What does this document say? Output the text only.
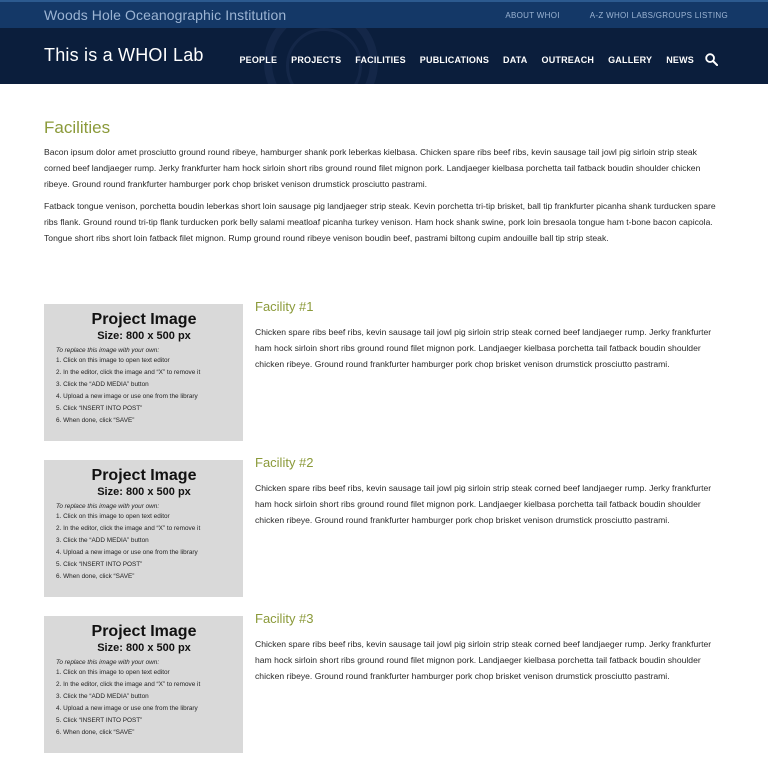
Woods Hole Oceanographic Institution	ABOUT WHOI	A-Z WHOI LABS/GROUPS LISTING
This is a WHOI Lab	PEOPLE PROJECTS FACILITIES PUBLICATIONS DATA OUTREACH GALLERY NEWS
Facilities

Bacon ipsum dolor amet prosciutto ground round ribeye, hamburger shank pork leberkas kielbasa. Chicken spare ribs beef ribs, kevin sausage tail jowl pig sirloin strip steak corned beef landjaeger rump. Jerky frankfurter ham hock sirloin short ribs ground round filet mignon pork. Landjaeger kielbasa porchetta tail fatback boudin shoulder chicken ribeye. Ground round frankfurter hamburger pork chop brisket venison drumstick prosciutto pastrami.

Fatback tongue venison, porchetta boudin leberkas short loin sausage pig landjaeger strip steak. Kevin porchetta tri-tip brisket, ball tip frankfurter picanha shank turducken spare ribs flank. Ground round tri-tip flank turducken pork belly salami meatloaf picanha turkey venison. Ham hock shank swine, pork loin bresaola tongue ham t-bone bacon capicola. Tongue short ribs short loin fatback filet mignon. Rump ground round ribeye venison boudin beef, pastrami biltong cupim andouille ball tip strip steak.

Project Image
Size: 800 x 500 px
To replace this image with your own:
1. Click on this image to open text editor
2. In the editor, click the image and “X” to remove it
3. Click the “ADD MEDIA” button
4. Upload a new image or use one from the library
5. Click “INSERT INTO POST”
6. When done, click “SAVE”
Facility #1
Chicken spare ribs beef ribs, kevin sausage tail jowl pig sirloin strip steak corned beef landjaeger rump. Jerky frankfurter ham hock sirloin short ribs ground round filet mignon pork. Landjaeger kielbasa porchetta tail fatback boudin shoulder chicken ribeye. Ground round frankfurter hamburger pork chop brisket venison drumstick prosciutto pastrami.
Project Image
Size: 800 x 500 px
To replace this image with your own:
1. Click on this image to open text editor
2. In the editor, click the image and “X” to remove it
3. Click the “ADD MEDIA” button
4. Upload a new image or use one from the library
5. Click “INSERT INTO POST”
6. When done, click “SAVE”
Facility #2
Chicken spare ribs beef ribs, kevin sausage tail jowl pig sirloin strip steak corned beef landjaeger rump. Jerky frankfurter ham hock sirloin short ribs ground round filet mignon pork. Landjaeger kielbasa porchetta tail fatback boudin shoulder chicken ribeye. Ground round frankfurter hamburger pork chop brisket venison drumstick prosciutto pastrami.
Project Image
Size: 800 x 500 px
To replace this image with your own:
1. Click on this image to open text editor
2. In the editor, click the image and “X” to remove it
3. Click the “ADD MEDIA” button
4. Upload a new image or use one from the library
5. Click “INSERT INTO POST”
6. When done, click “SAVE”
Facility #3
Chicken spare ribs beef ribs, kevin sausage tail jowl pig sirloin strip steak corned beef landjaeger rump. Jerky frankfurter ham hock sirloin short ribs ground round filet mignon pork. Landjaeger kielbasa porchetta tail fatback boudin shoulder chicken ribeye. Ground round frankfurter hamburger pork chop brisket venison drumstick prosciutto pastrami.
